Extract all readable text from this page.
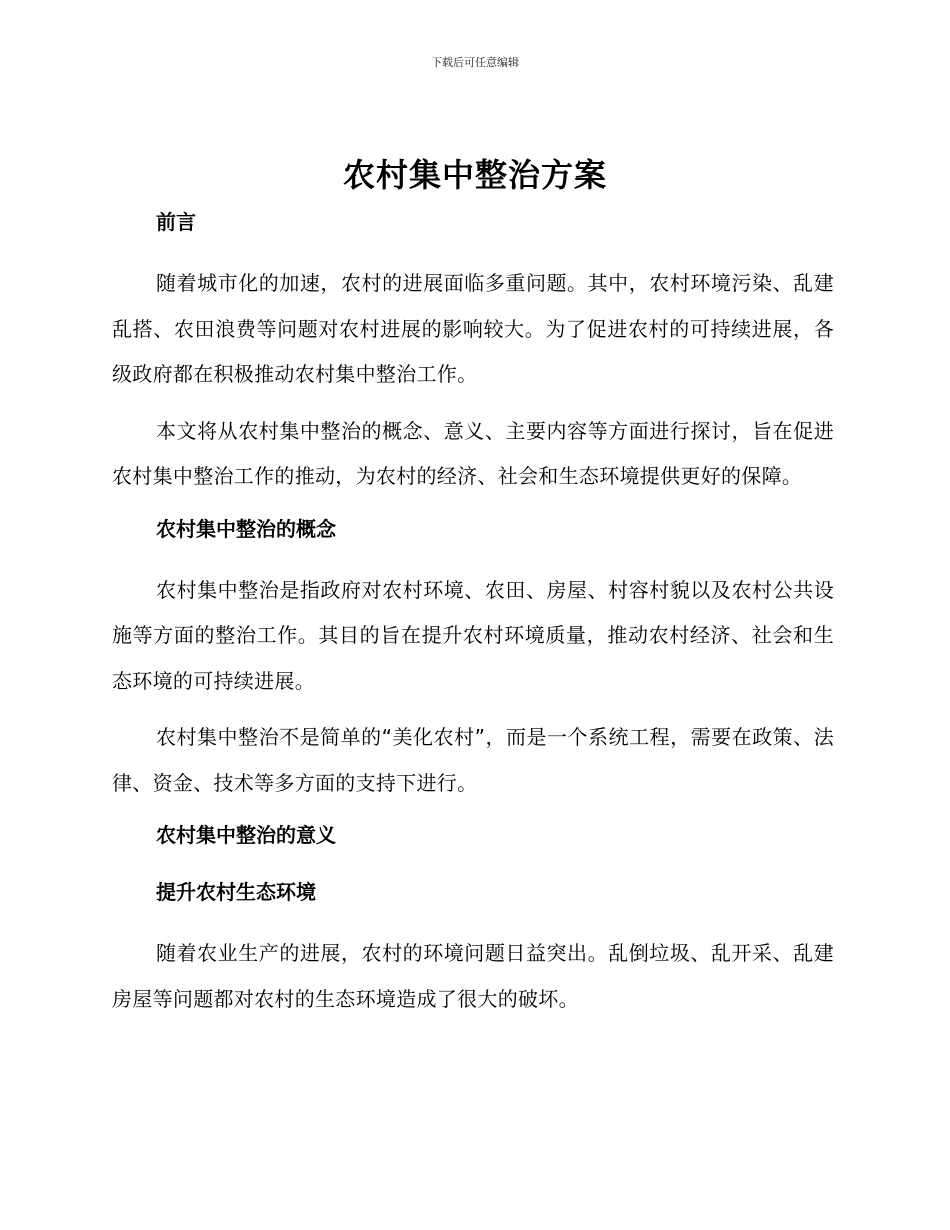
下载后可任意编辑
农村集中整治方案

前言

随着城市化的加速，农村的进展面临多重问题。其中，农村环境污染、乱建乱搭、农田浪费等问题对农村进展的影响较大。为了促进农村的可持续进展，各级政府都在积极推动农村集中整治工作。

本文将从农村集中整治的概念、意义、主要内容等方面进行探讨，旨在促进农村集中整治工作的推动，为农村的经济、社会和生态环境提供更好的保障。

农村集中整治的概念

农村集中整治是指政府对农村环境、农田、房屋、村容村貌以及农村公共设施等方面的整治工作。其目的旨在提升农村环境质量，推动农村经济、社会和生态环境的可持续进展。

农村集中整治不是简单的“美化农村”，而是一个系统工程，需要在政策、法律、资金、技术等多方面的支持下进行。

农村集中整治的意义

提升农村生态环境

随着农业生产的进展，农村的环境问题日益突出。乱倒垃圾、乱开采、乱建房屋等问题都对农村的生态环境造成了很大的破坏。
